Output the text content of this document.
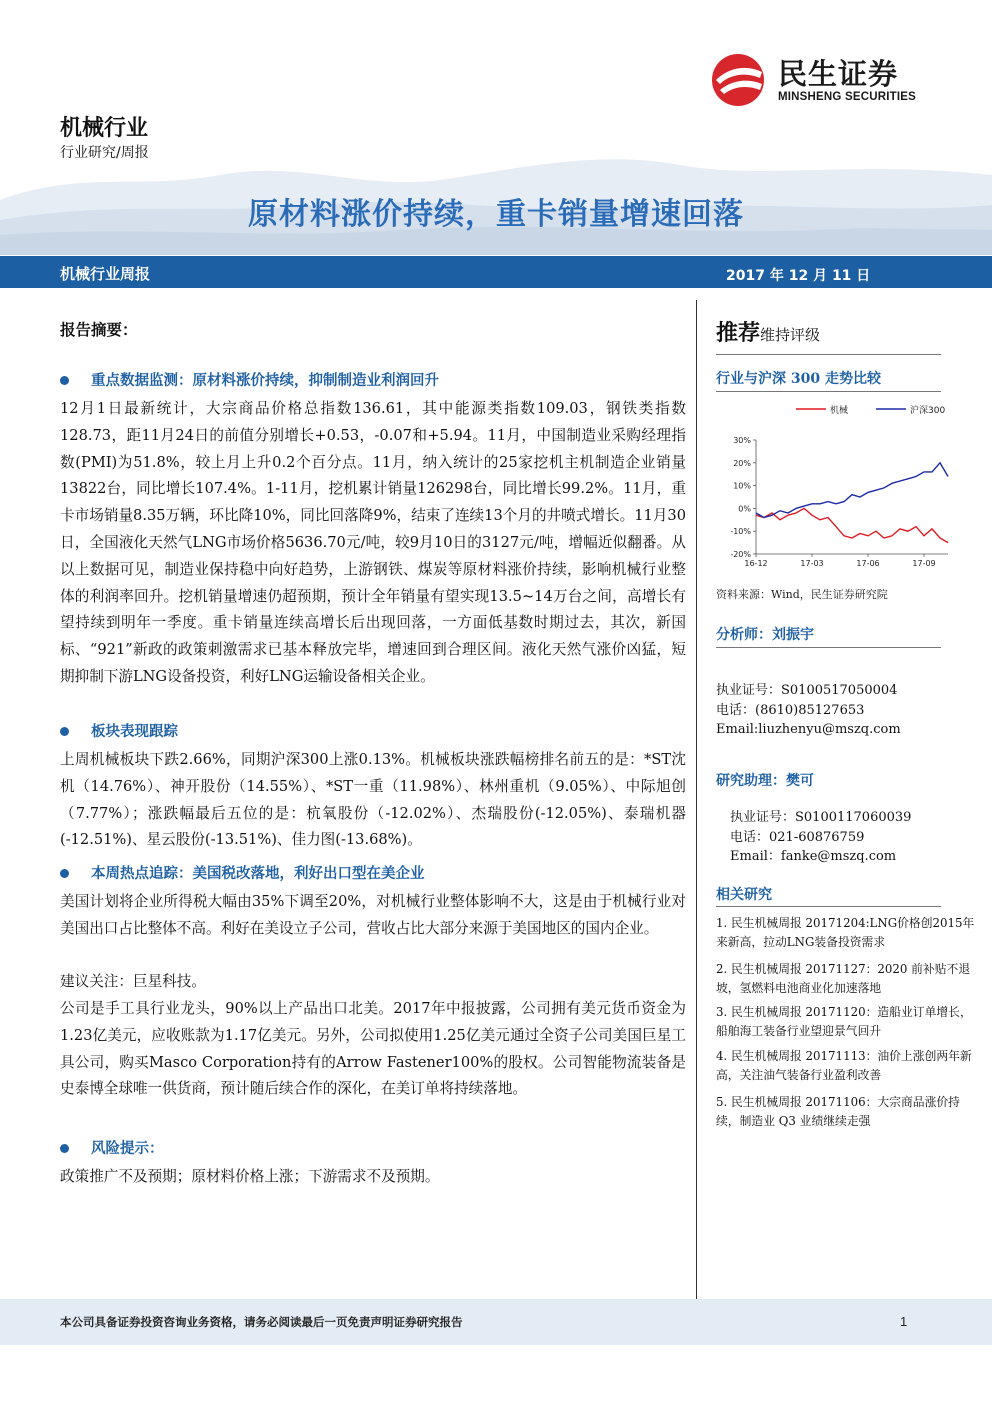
民生证券
MINSHENG SECURITIES
机械行业
行业研究/周报
原材料涨价持续，重卡销量增速回落
机械行业周报	2017 年 12 月 11 日
报告摘要：
重点数据监测：原材料涨价持续，抑制制造业利润回升

12月1日最新统计，大宗商品价格总指数136.61，其中能源类指数109.03，钢铁类指数128.73，距11月24日的前值分别增长+0.53，-0.07和+5.94。11月，中国制造业采购经理指数(PMI)为51.8%，较上月上升0.2个百分点。11月，纳入统计的25家挖机主机制造企业销量13822台，同比增长107.4%。1-11月，挖机累计销量126298台，同比增长99.2%。11月，重卡市场销量8.35万辆，环比降10%，同比回落降9%，结束了连续13个月的井喷式增长。11月30日，全国液化天然气LNG市场价格5636.70元/吨，较9月10日的3127元/吨，增幅近似翻番。从以上数据可见，制造业保持稳中向好趋势，上游钢铁、煤炭等原材料涨价持续，影响机械行业整体的利润率回升。挖机销量增速仍超预期，预计全年销量有望实现13.5~14万台之间，高增长有望持续到明年一季度。重卡销量连续高增长后出现回落，一方面低基数时期过去，其次，新国标、“921”新政的政策刺激需求已基本释放完毕，增速回到合理区间。液化天然气涨价凶猛，短期抑制下游LNG设备投资，利好LNG运输设备相关企业。

板块表现跟踪

上周机械板块下跌2.66%，同期沪深300上涨0.13%。机械板块涨跌幅榜排名前五的是：*ST沈机（14.76%）、神开股份（14.55%）、*ST一重（11.98%）、林州重机（9.05%）、中际旭创（7.77%）；涨跌幅最后五位的是：杭氧股份（-12.02%）、杰瑞股份(-12.05%)、泰瑞机器(-12.51%)、星云股份(-13.51%)、佳力图(-13.68%)。

本周热点追踪：美国税改落地，利好出口型在美企业

美国计划将企业所得税大幅由35%下调至20%，对机械行业整体影响不大，这是由于机械行业对美国出口占比整体不高。利好在美设立子公司，营收占比大部分来源于美国地区的国内企业。

建议关注：巨星科技。

公司是手工具行业龙头，90%以上产品出口北美。2017年中报披露，公司拥有美元货币资金为1.23亿美元，应收账款为1.17亿美元。另外，公司拟使用1.25亿美元通过全资子公司美国巨星工具公司，购买Masco Corporation持有的Arrow Fastener100%的股权。公司智能物流装备是史泰博全球唯一供货商，预计随后续合作的深化，在美订单将持续落地。

风险提示：

政策推广不及预期；原材料价格上涨；下游需求不及预期。

推荐维持评级
行业与沪深 300 走势比较
机械	沪深300
30%
20%
10%
0%
-10%
-20%
16-12	17-03	17-06	17-09
资料来源：Wind，民生证券研究院
分析师：刘振宇
执业证号：S0100517050004
电话：(8610)85127653
Email:liuzhenyu@mszq.com
研究助理：樊可
执业证号：S0100117060039
电话：021-60876759
Email：fanke@mszq.com
相关研究
1. 民生机械周报 20171204:LNG价格创2015年来新高，拉动LNG装备投资需求
2. 民生机械周报 20171127：2020 前补贴不退坡，氢燃料电池商业化加速落地
3. 民生机械周报 20171120：造船业订单增长，船舶海工装备行业望迎景气回升
4. 民生机械周报 20171113：油价上涨创两年新高，关注油气装备行业盈利改善
5. 民生机械周报 20171106：大宗商品涨价持续，制造业 Q3 业绩继续走强
本公司具备证券投资咨询业务资格，请务必阅读最后一页免责声明证券研究报告	1
